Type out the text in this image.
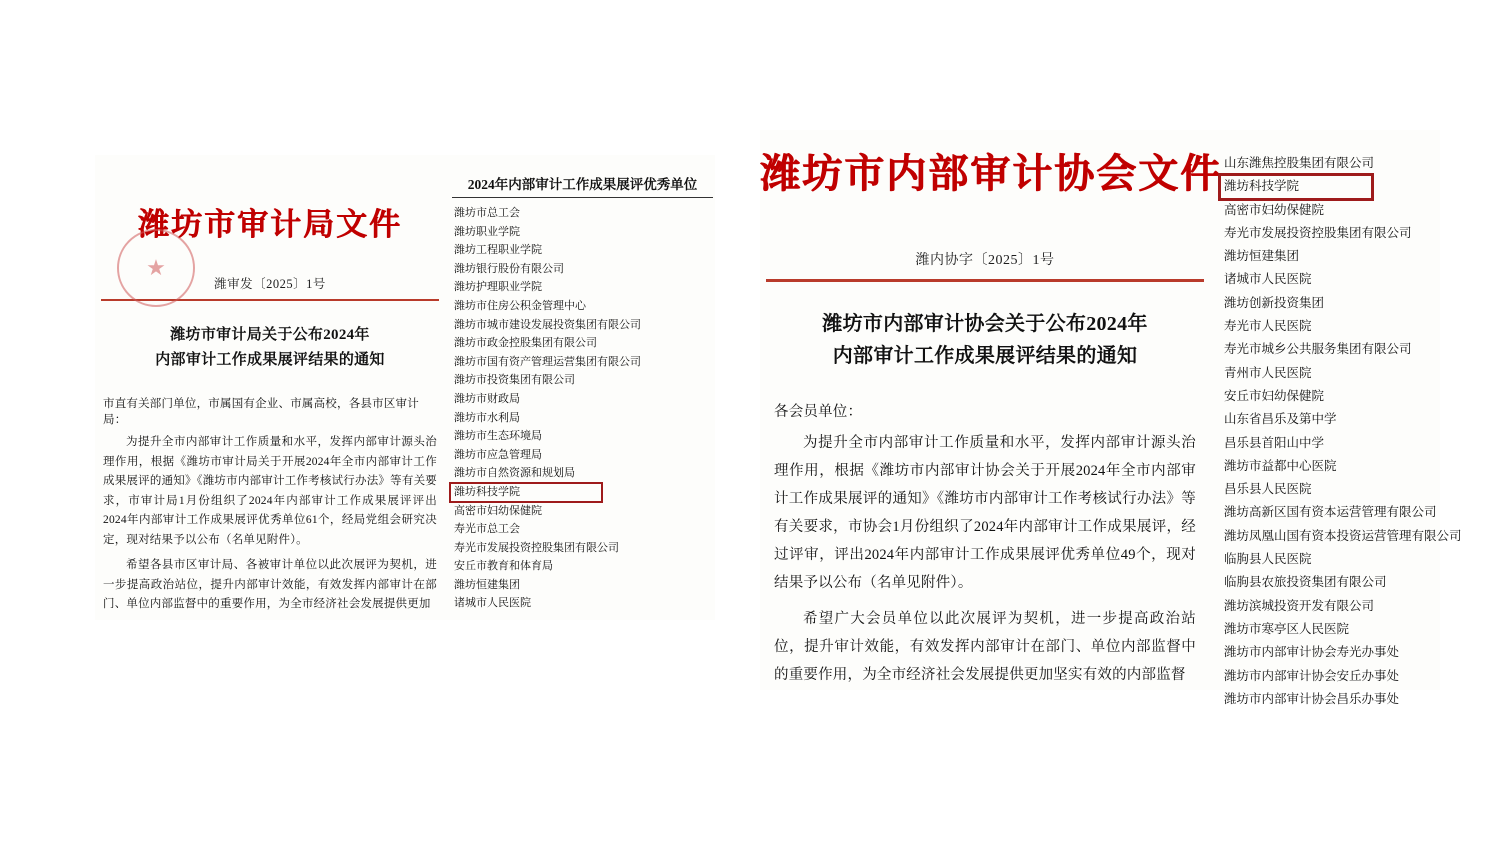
★
潍坊市审计局文件
潍审发〔2025〕1号
潍坊市审计局关于公布2024年
内部审计工作成果展评结果的通知
市直有关部门单位，市属国有企业、市属高校，各县市区审计局：
为提升全市内部审计工作质量和水平，发挥内部审计源头治理作用，根据《潍坊市审计局关于开展2024年全市内部审计工作成果展评的通知》《潍坊市内部审计工作考核试行办法》等有关要求，市审计局1月份组织了2024年内部审计工作成果展评评出2024年内部审计工作成果展评优秀单位61个，经局党组会研究决定，现对结果予以公布（名单见附件）。
希望各县市区审计局、各被审计单位以此次展评为契机，进一步提高政治站位，提升内部审计效能，有效发挥内部审计在部门、单位内部监督中的重要作用，为全市经济社会发展提供更加
2024年内部审计工作成果展评优秀单位
潍坊市总工会
潍坊职业学院
潍坊工程职业学院
潍坊银行股份有限公司
潍坊护理职业学院
潍坊市住房公积金管理中心
潍坊市城市建设发展投资集团有限公司
潍坊市政金控股集团有限公司
潍坊市国有资产管理运营集团有限公司
潍坊市投资集团有限公司
潍坊市财政局
潍坊市水利局
潍坊市生态环境局
潍坊市应急管理局
潍坊市自然资源和规划局
潍坊科技学院
高密市妇幼保健院
寿光市总工会
寿光市发展投资控股集团有限公司
安丘市教育和体育局
潍坊恒建集团
诸城市人民医院
潍坊市内部审计协会文件
潍内协字〔2025〕1号
潍坊市内部审计协会关于公布2024年
内部审计工作成果展评结果的通知
各会员单位：
为提升全市内部审计工作质量和水平，发挥内部审计源头治理作用，根据《潍坊市内部审计协会关于开展2024年全市内部审计工作成果展评的通知》《潍坊市内部审计工作考核试行办法》等有关要求，市协会1月份组织了2024年内部审计工作成果展评，经过评审，评出2024年内部审计工作成果展评优秀单位49个，现对结果予以公布（名单见附件）。
希望广大会员单位以此次展评为契机，进一步提高政治站位，提升审计效能，有效发挥内部审计在部门、单位内部监督中的重要作用，为全市经济社会发展提供更加坚实有效的内部监督
山东潍焦控股集团有限公司
潍坊科技学院
高密市妇幼保健院
寿光市发展投资控股集团有限公司
潍坊恒建集团
诸城市人民医院
潍坊创新投资集团
寿光市人民医院
寿光市城乡公共服务集团有限公司
青州市人民医院
安丘市妇幼保健院
山东省昌乐及第中学
昌乐县首阳山中学
潍坊市益都中心医院
昌乐县人民医院
潍坊高新区国有资本运营管理有限公司
潍坊凤凰山国有资本投资运营管理有限公司
临朐县人民医院
临朐县农旅投资集团有限公司
潍坊滨城投资开发有限公司
潍坊市寒亭区人民医院
潍坊市内部审计协会寿光办事处
潍坊市内部审计协会安丘办事处
潍坊市内部审计协会昌乐办事处
